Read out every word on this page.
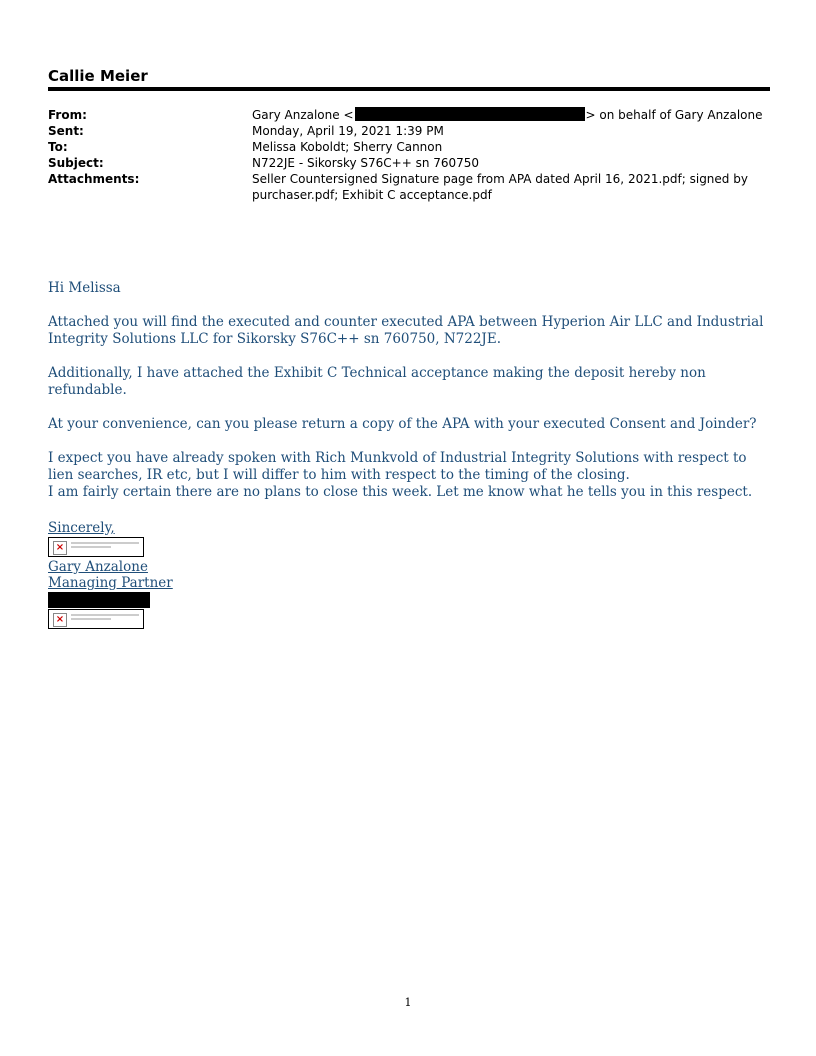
Callie Meier
From:	Gary Anzalone <	> on behalf of Gary Anzalone
Sent:	Monday, April 19, 2021 1:39 PM
To:	Melissa Koboldt; Sherry Cannon
Subject:	N722JE - Sikorsky S76C++ sn 760750
Attachments:	Seller Countersigned Signature page from APA dated April 16, 2021.pdf; signed by
purchaser.pdf; Exhibit C acceptance.pdf

Hi Melissa

Attached you will find the executed and counter executed APA between Hyperion Air LLC and Industrial Integrity Solutions LLC for Sikorsky S76C++ sn 760750, N722JE.

Additionally, I have attached the Exhibit C Technical acceptance making the deposit hereby non refundable.

At your convenience, can you please return a copy of the APA with your executed Consent and Joinder?

I expect you have already spoken with Rich Munkvold of Industrial Integrity Solutions with respect to lien searches, IR etc, but I will differ to him with respect to the timing of the closing.

I am fairly certain there are no plans to close this week. Let me know what he tells you in this respect.

Sincerely,
×
Gary Anzalone
Managing Partner
×
1
